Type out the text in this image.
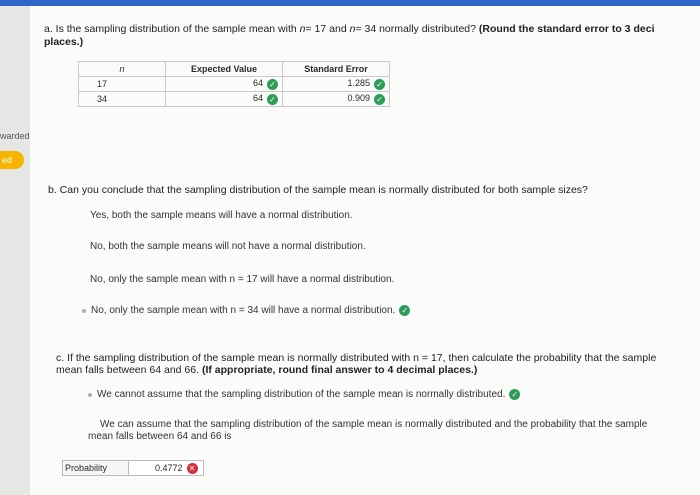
warded
ed
a. Is the sampling distribution of the sample mean with n= 17 and n= 34 normally distributed? (Round the standard error to 3 deci
places.)
n	Expected Value	Standard Error
17	64 ✓	1.285 ✓
34	64 ✓	0.909 ✓
b. Can you conclude that the sampling distribution of the sample mean is normally distributed for both sample sizes?
Yes, both the sample means will have a normal distribution.
No, both the sample means will not have a normal distribution.
No, only the sample mean with n = 17 will have a normal distribution.
No, only the sample mean with n = 34 will have a normal distribution. ✓
c. If the sampling distribution of the sample mean is normally distributed with n = 17, then calculate the probability that the sample
mean falls between 64 and 66. (If appropriate, round final answer to 4 decimal places.)
We cannot assume that the sampling distribution of the sample mean is normally distributed. ✓
We can assume that the sampling distribution of the sample mean is normally distributed and the probability that the sample
mean falls between 64 and 66 is
Probability	0.4772 ✕
